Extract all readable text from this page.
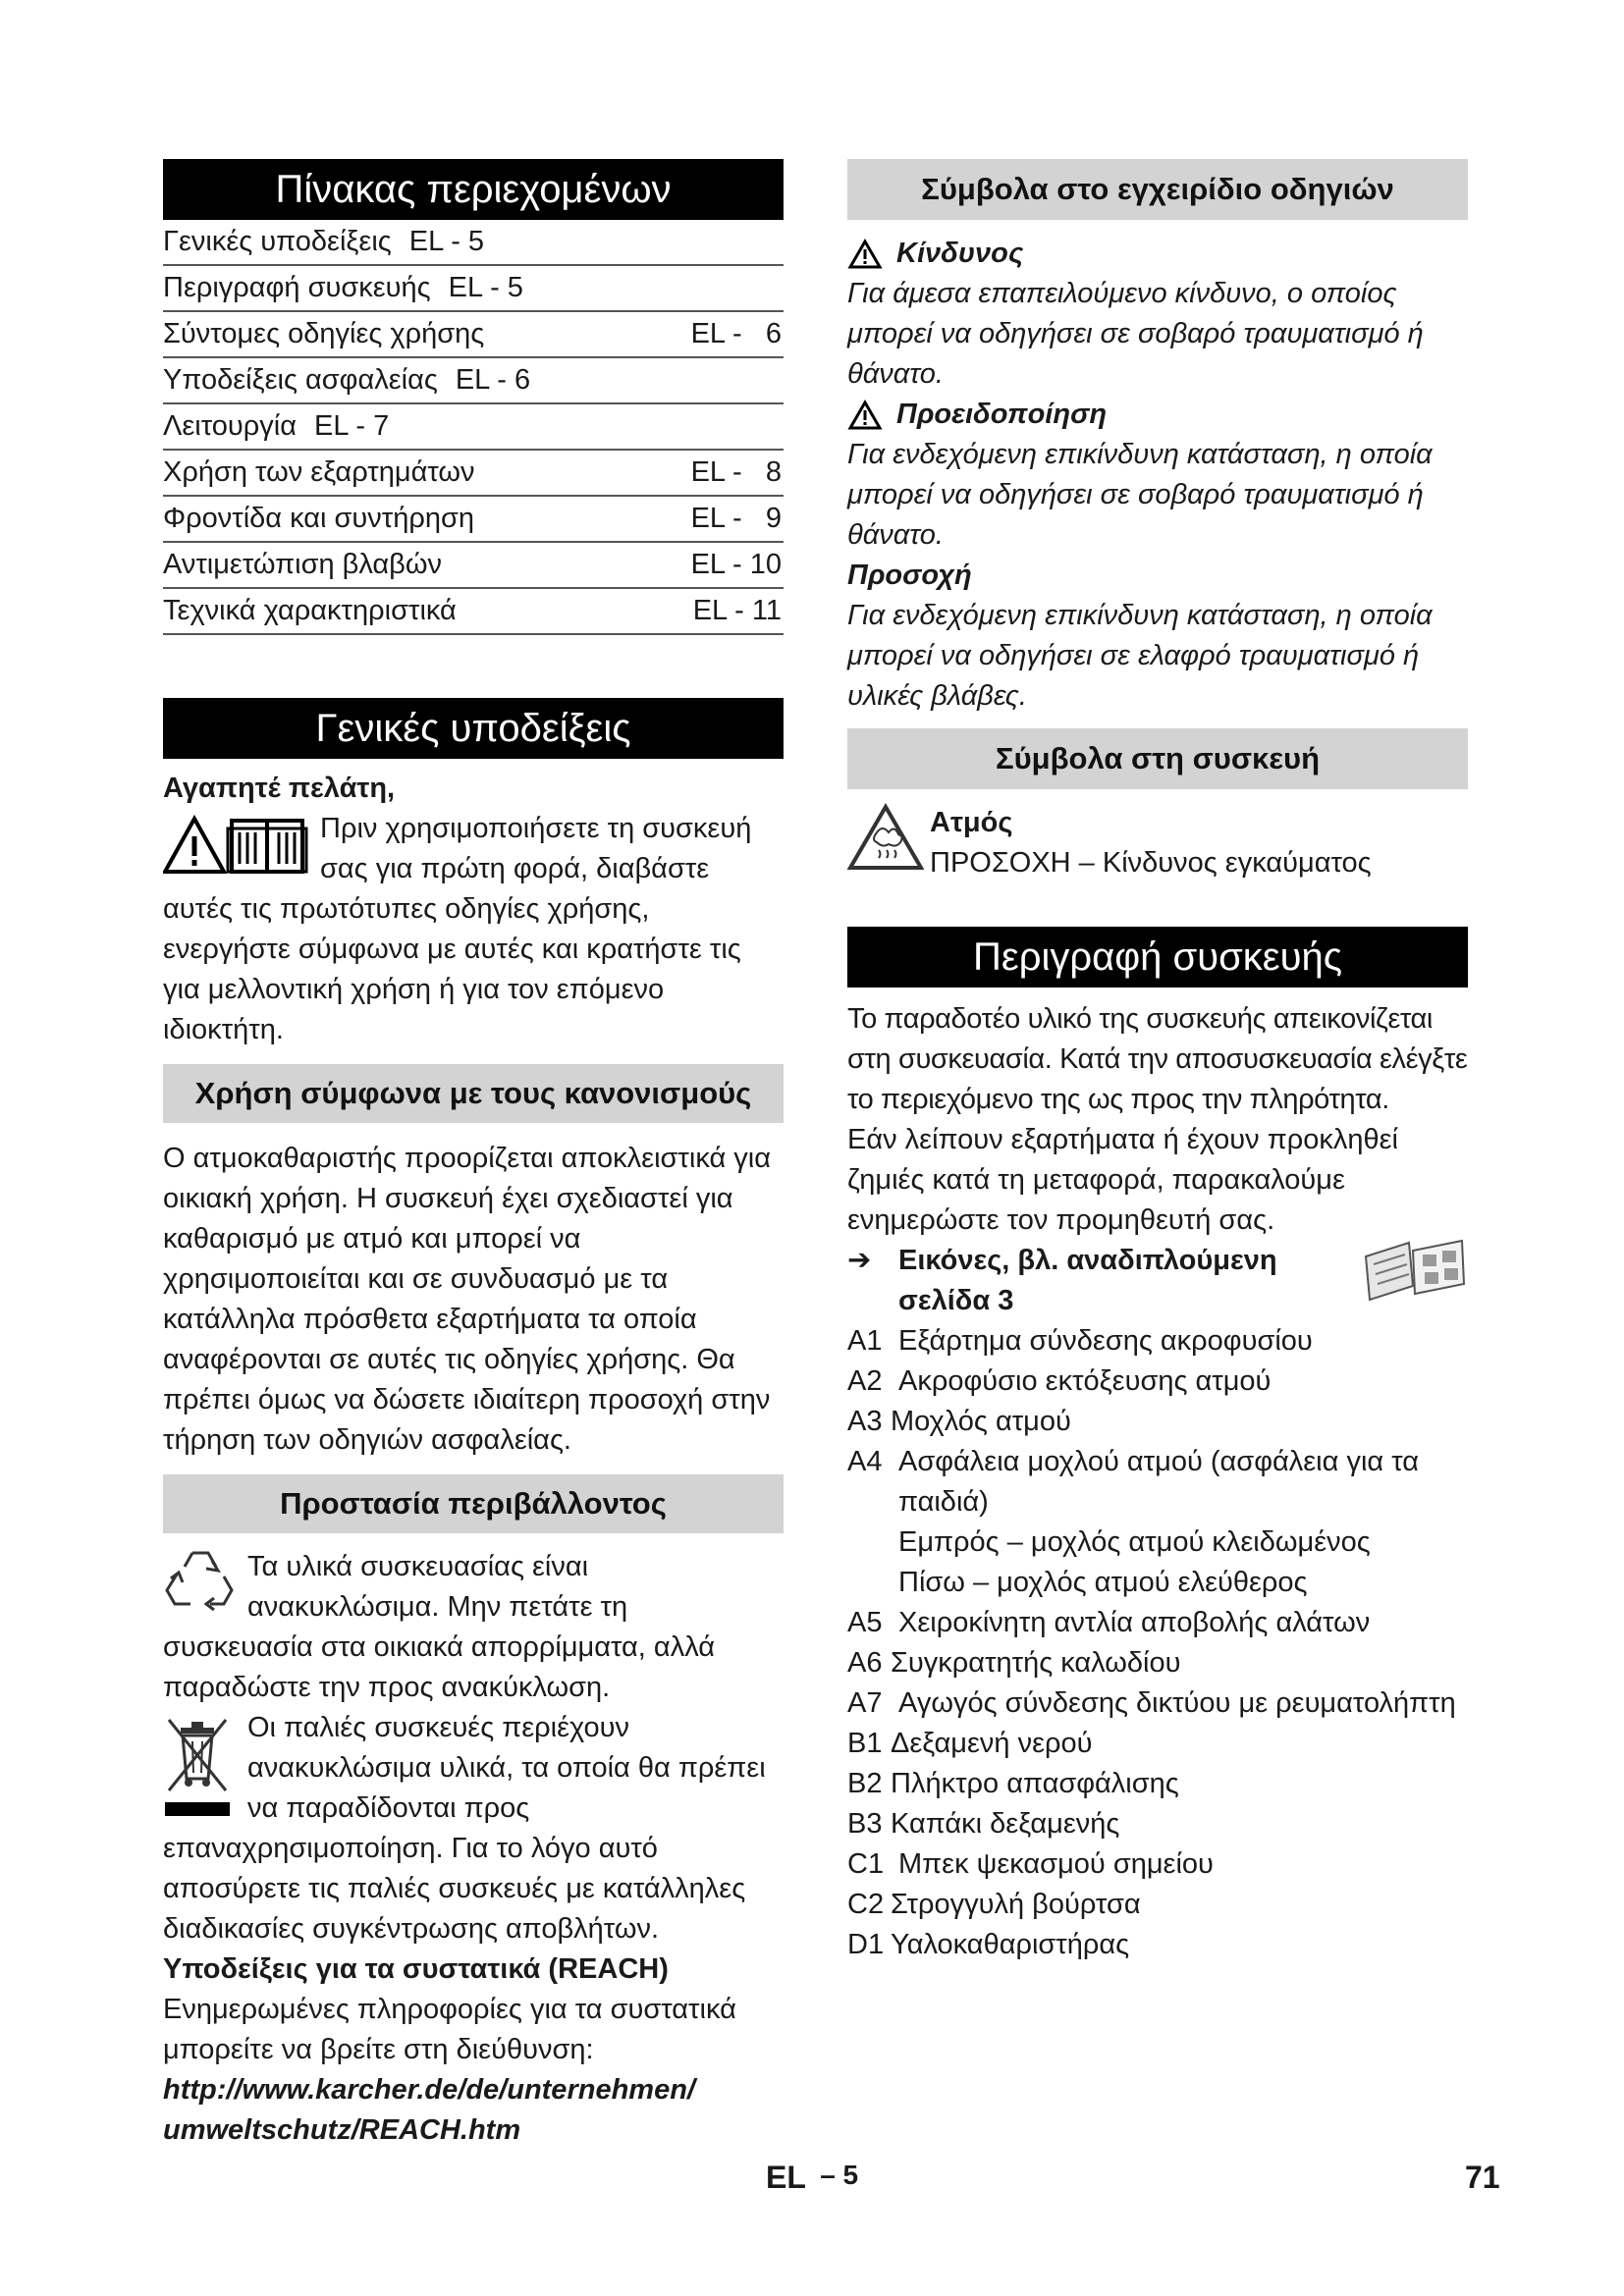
Πίνακας περιεχομένων
Γενικές υποδείξεις EL - 5
Περιγραφή συσκευής EL - 5
Σύντομες οδηγίες χρήσης	EL -   6
Υποδείξεις ασφαλείας EL - 6
Λειτουργία EL - 7
Χρήση των εξαρτημάτων	EL -   8
Φροντίδα και συντήρηση	EL -   9
Αντιμετώπιση βλαβών	EL - 10
Τεχνικά χαρακτηριστικά	EL - 11
Γενικές υποδείξεις

Αγαπητέ πελάτη,

Πριν χρησιμοποιήσετε τη συσκευή

σας για πρώτη φορά, διαβάστε

αυτές τις πρωτότυπες οδηγίες χρήσης, ενεργήστε σύμφωνα με αυτές και κρατήστε τις για μελλοντική χρήση ή για τον επόμενο ιδιοκτήτη.

Χρήση σύμφωνα με τους κανονισμούς

Ο ατμοκαθαριστής προορίζεται αποκλειστικά για οικιακή χρήση. Η συσκευή έχει σχεδιαστεί για καθαρισμό με ατμό και μπορεί να χρησιμοποιείται και σε συνδυασμό με τα κατάλληλα πρόσθετα εξαρτήματα τα οποία αναφέρονται σε αυτές τις οδηγίες χρήσης. Θα πρέπει όμως να δώσετε ιδιαίτερη προσοχή στην τήρηση των οδηγιών ασφαλείας.

Προστασία περιβάλλοντος

Τα υλικά συσκευασίας είναι

ανακυκλώσιμα. Μην πετάτε τη

συσκευασία στα οικιακά απορρίμματα, αλλά παραδώστε την προς ανακύκλωση.

Οι παλιές συσκευές περιέχουν

ανακυκλώσιμα υλικά, τα οποία θα πρέπει

να παραδίδονται προς

επαναχρησιμοποίηση. Για το λόγο αυτό αποσύρετε τις παλιές συσκευές με κατάλληλες διαδικασίες συγκέντρωσης αποβλήτων.

Υποδείξεις για τα συστατικά (REACH)

Ενημερωμένες πληροφορίες για τα συστατικά μπορείτε να βρείτε στη διεύθυνση:

http://www.karcher.de/de/unternehmen/

umweltschutz/REACH.htm

Σύμβολα στο εγχειρίδιο οδηγιών
Κίνδυνος

Για άμεσα επαπειλούμενο κίνδυνο, ο οποίος μπορεί να οδηγήσει σε σοβαρό τραυματισμό ή θάνατο.

Προειδοποίηση

Για ενδεχόμενη επικίνδυνη κατάσταση, η οποία μπορεί να οδηγήσει σε σοβαρό τραυματισμό ή θάνατο.

Προσοχή

Για ενδεχόμενη επικίνδυνη κατάσταση, η οποία μπορεί να οδηγήσει σε ελαφρό τραυματισμό ή υλικές βλάβες.

Σύμβολα στη συσκευή

Ατμός

ΠΡΟΣΟΧΗ – Κίνδυνος εγκαύματος

Περιγραφή συσκευής

Το παραδοτέο υλικό της συσκευής απεικονίζεται στη συσκευασία. Κατά την αποσυσκευασία ελέγξτε το περιεχόμενο της ως προς την πληρότητα.

Εάν λείπουν εξαρτήματα ή έχουν προκληθεί ζημιές κατά τη μεταφορά, παρακαλούμε ενημερώστε τον προμηθευτή σας.

➔ Εικόνες, βλ. αναδιπλούμενη

σελίδα 3

A1 Εξάρτημα σύνδεσης ακροφυσίου
A2 Ακροφύσιο εκτόξευσης ατμού
A3 Μοχλός ατμού
A4 Ασφάλεια μοχλού ατμού (ασφάλεια για τα παιδιά)
Εμπρός – μοχλός ατμού κλειδωμένος
Πίσω – μοχλός ατμού ελεύθερος
A5 Χειροκίνητη αντλία αποβολής αλάτων
A6 Συγκρατητής καλωδίου
A7 Αγωγός σύνδεσης δικτύου με ρευματολήπτη
B1 Δεξαμενή νερού
B2 Πλήκτρο απασφάλισης
B3 Καπάκι δεξαμενής
C1 Μπεκ ψεκασμού σημείου
C2 Στρογγυλή βούρτσα
D1 Υαλοκαθαριστήρας
EL – 5	71
